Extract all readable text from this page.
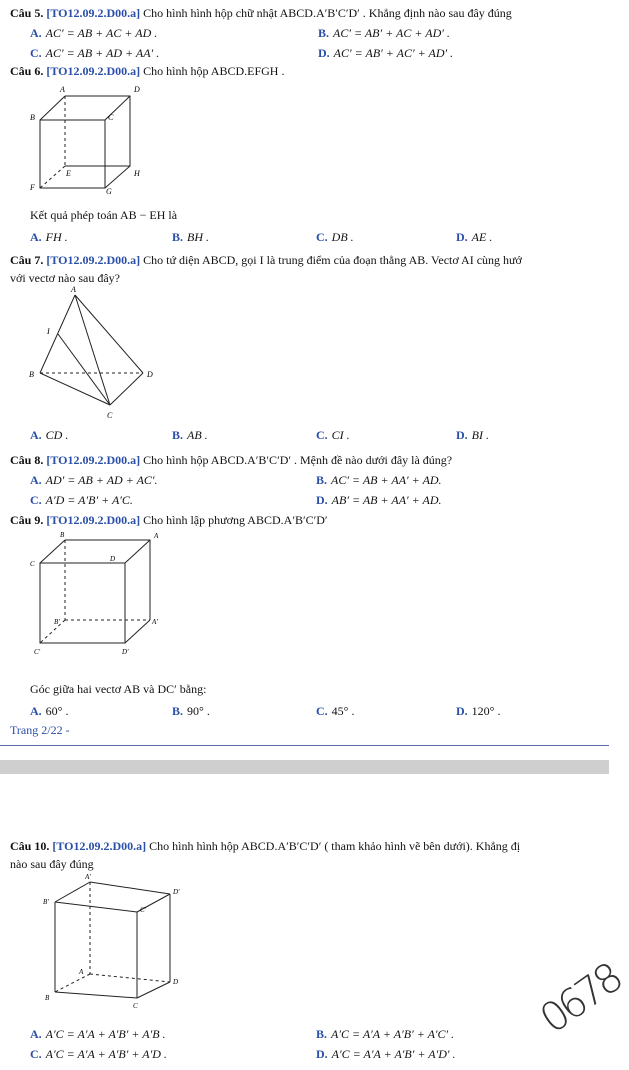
Câu 5. [TO12.09.2.D00.a] Cho hình hình hộp chữ nhật ABCD.A′B′C′D′ . Khẳng định nào sau đây đúng
A. AC′ = AB + AC + AD .	B. AC′ = AB′ + AC + AD′ .
C. AC′ = AB + AD + AA′ .	D. AC′ = AB′ + AC′ + AD′ .
Câu 6. [TO12.09.2.D00.a] Cho hình hộp ABCD.EFGH .
A	D
B	C
E	H
F	G
Kết quả phép toán AB − EH là
A. FH .	B. BH .	C. DB .	D. AE .
Câu 7. [TO12.09.2.D00.a] Cho tứ diện ABCD, gọi I là trung điểm của đoạn thẳng AB. Vectơ AI cùng hướ
với vectơ nào sau đây?
A
I
B	D
C
A. CD .	B. AB .	C. CI .	D. BI .
Câu 8. [TO12.09.2.D00.a] Cho hình hộp ABCD.A′B′C′D′ . Mệnh đề nào dưới đây là đúng?
A. AD′ = AB + AD + AC′.	B. AC′ = AB + AA′ + AD.
C. A′D = A′B′ + A′C.	D. AB′ = AB + AA′ + AD.
Câu 9. [TO12.09.2.D00.a] Cho hình lập phương ABCD.A′B′C′D′
B	A
C
D
B′	A′
C′	D′
Góc giữa hai vectơ AB và DC′ bằng:
A. 60° .	B. 90° .	C. 45° .	D. 120° .
Trang 2/22 -
Câu 10. [TO12.09.2.D00.a] Cho hình hình hộp ABCD.A′B′C′D′ ( tham khảo hình vẽ bên dưới). Khẳng đị
nào sau đây đúng
A′
D′
B′
C′
A
D
B
C
A. A′C = A′A + A′B′ + A′B .	B. A′C = A′A + A′B′ + A′C′ .
C. A′C = A′A + A′B′ + A′D .	D. A′C = A′A + A′B′ + A′D′ .
0678
